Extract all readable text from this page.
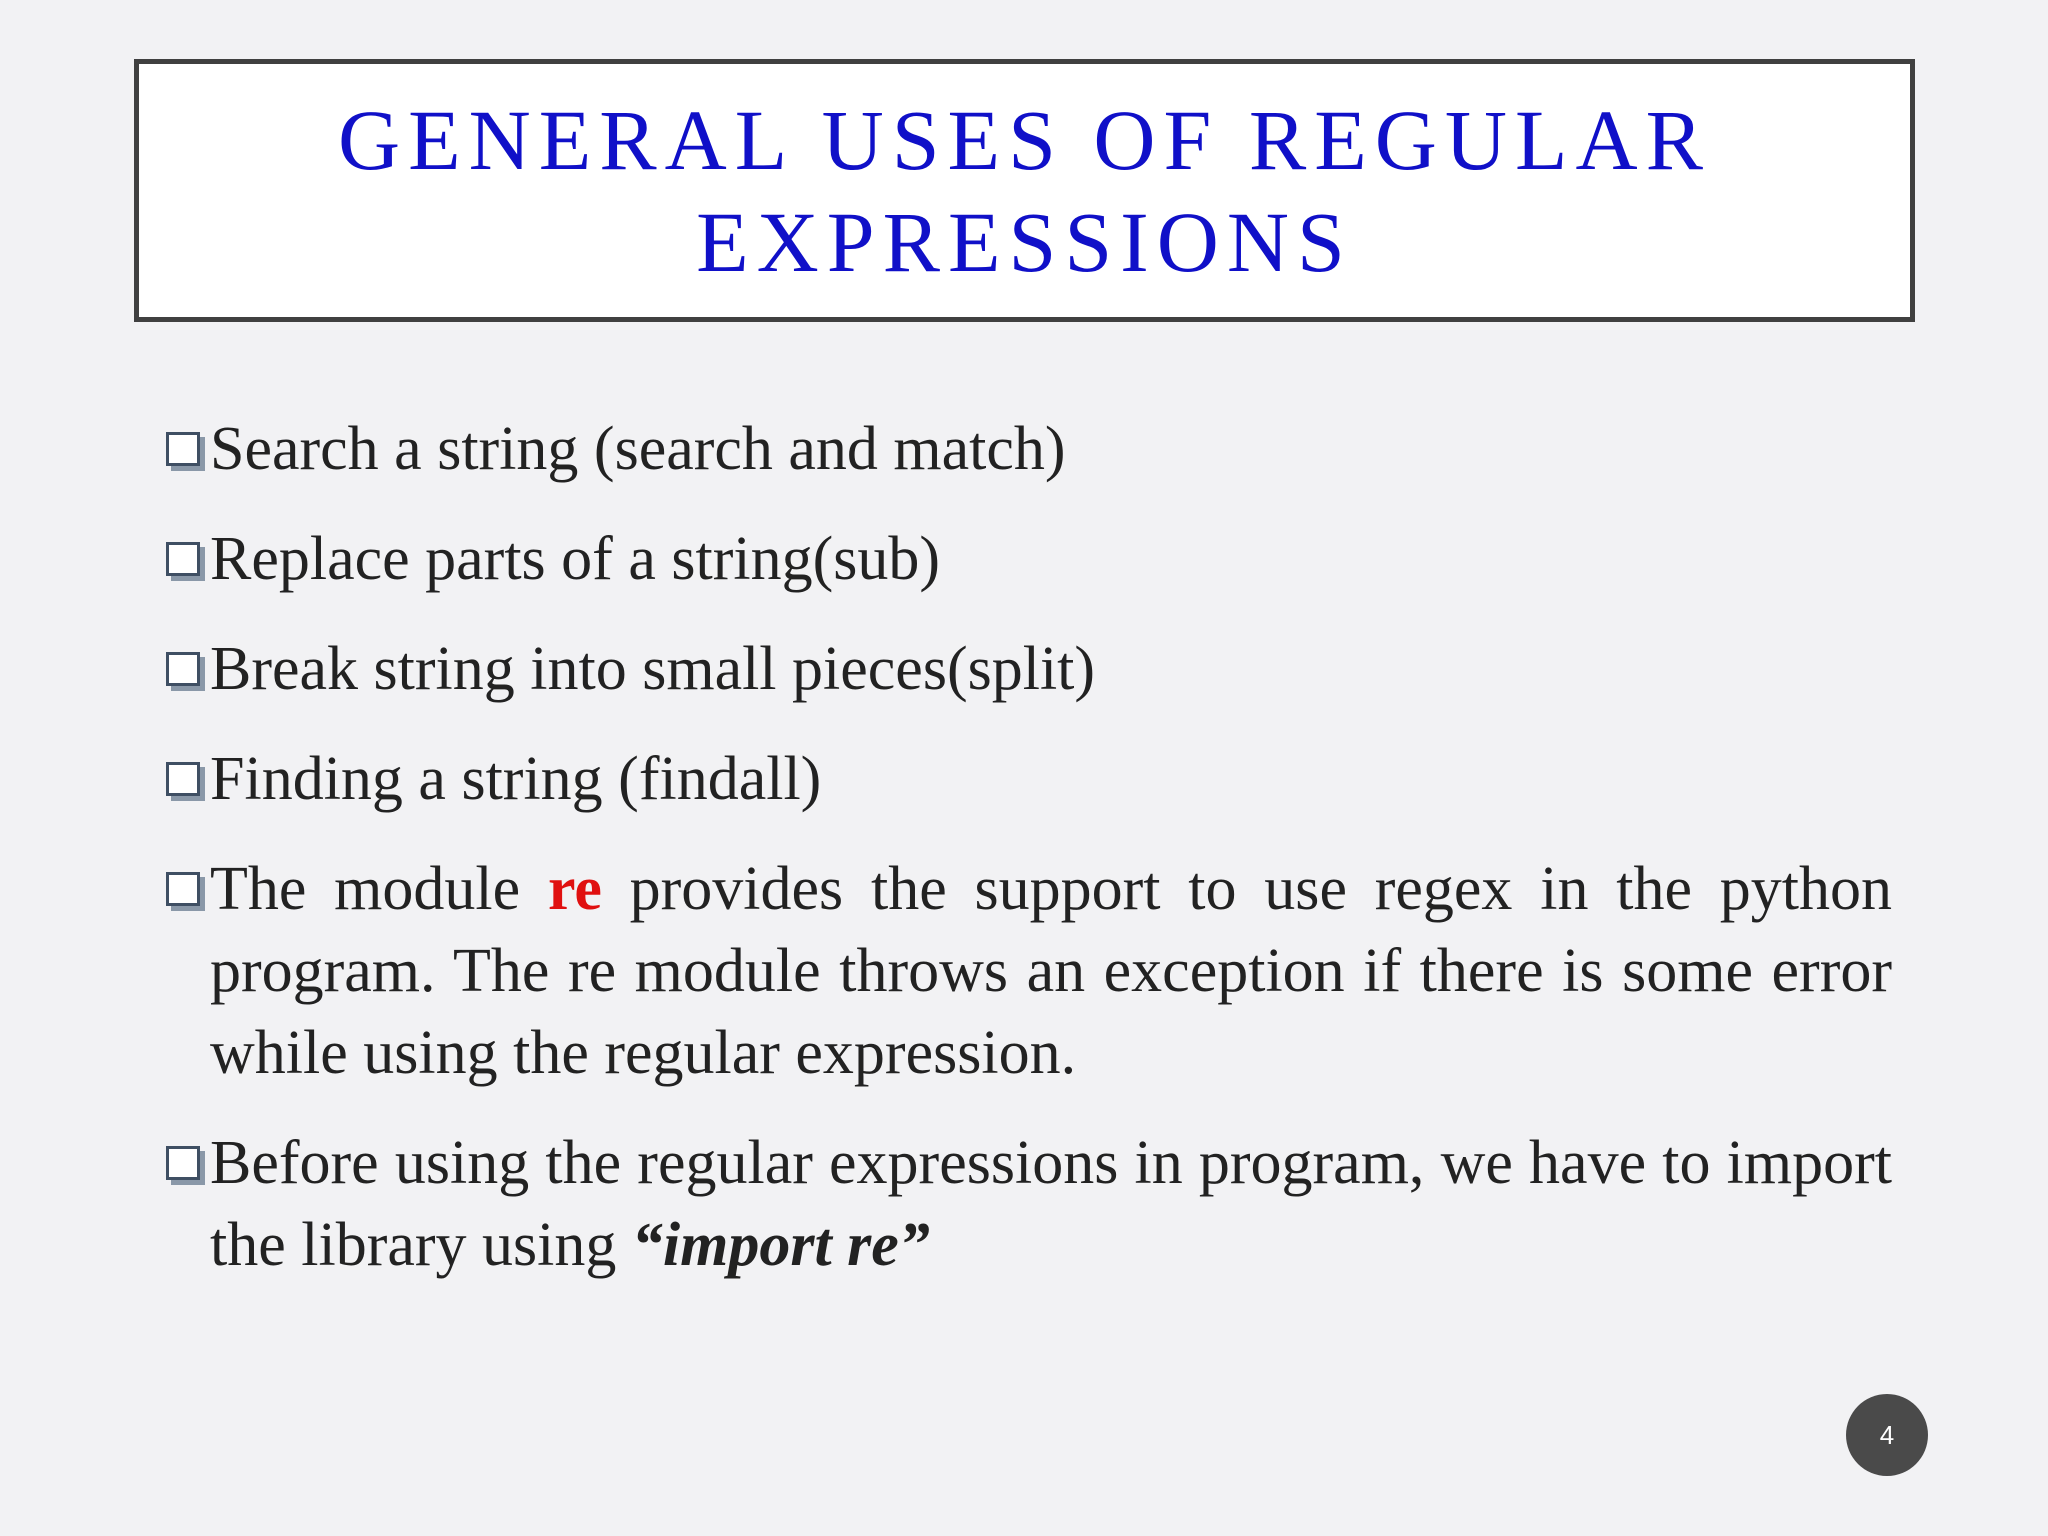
GENERAL USES OF REGULAR
EXPRESSIONS
Search a string (search and match)
Replace parts of a string(sub)
Break string into small pieces(split)
Finding a string (findall)
The module re provides the support to use regex in the python program. The re module throws an exception if there is some error while using the regular expression.
Before using the regular expressions in program, we have to import the library using “import re”
4
